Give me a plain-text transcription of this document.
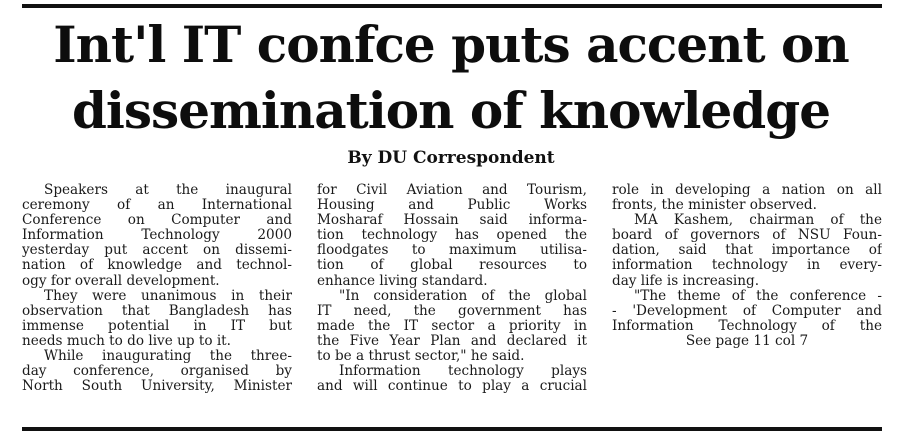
Int'l IT confce puts accent on
dissemination of knowledge
By DU Correspondent
Speakers at the inaugural
ceremony of an International
Conference on Computer and
Information Technology 2000
yesterday put accent on dissemi-
nation of knowledge and technol-
ogy for overall development.
They were unanimous in their
observation that Bangladesh has
immense potential in IT but
needs much to do live up to it.
While inaugurating the three-
day conference, organised by
North South University, Minister
for Civil Aviation and Tourism,
Housing and Public Works
Mosharaf Hossain said informa-
tion technology has opened the
floodgates to maximum utilisa-
tion of global resources to
enhance living standard.
"In consideration of the global
IT need, the government has
made the IT sector a priority in
the Five Year Plan and declared it
to be a thrust sector," he said.
Information technology plays
and will continue to play a crucial
role in developing a nation on all
fronts, the minister observed.
MA Kashem, chairman of the
board of governors of NSU Foun-
dation, said that importance of
information technology in every-
day life is increasing.
"The theme of the conference -
- 'Development of Computer and
Information Technology of the
See page 11 col 7
